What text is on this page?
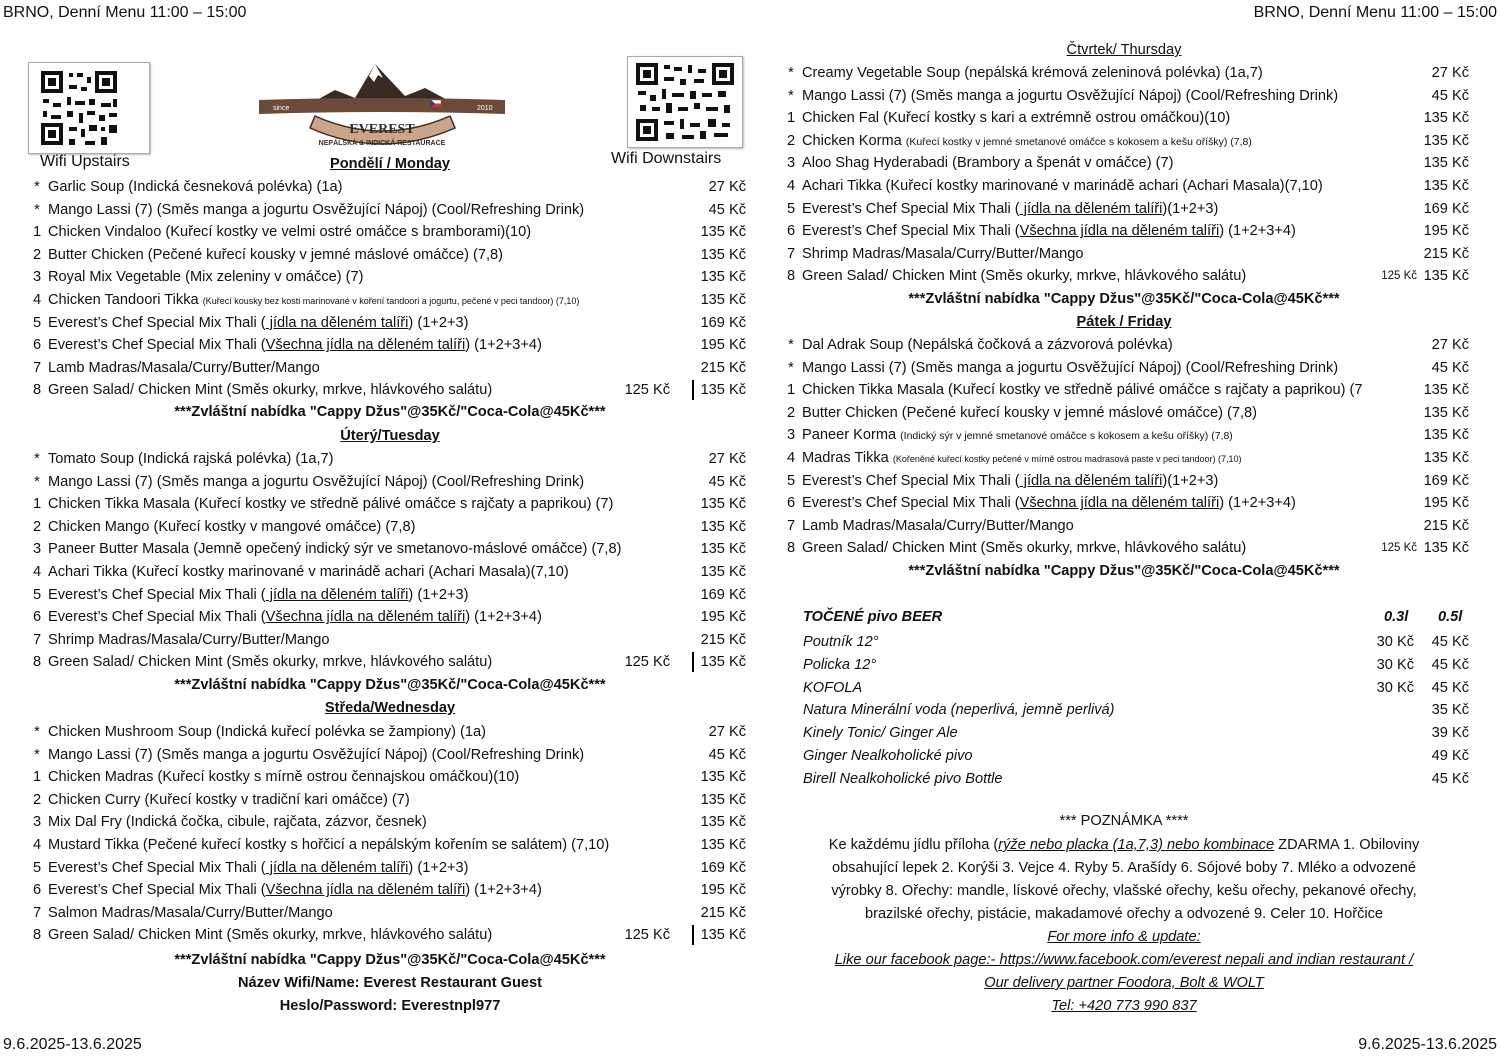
BRNO, Denní Menu 11:00 – 15:00	BRNO, Denní Menu 11:00 – 15:00
9.6.2025-13.6.2025	9.6.2025-13.6.2025
Wifi Upstairs	Wifi Downstairs
since	2010
EVEREST
NEPÁLSKÁ & INDICKÁ RESTAURACE
Pondělí / Monday
* Garlic Soup (Indická česneková polévka) (1a)	27 Kč
* Mango Lassi (7) (Směs manga a jogurtu Osvěžující Nápoj) (Cool/Refreshing Drink)	45 Kč
1 Chicken Vindaloo (Kuřecí kostky ve velmi ostré omáčce s bramborami)(10)	135 Kč
2 Butter Chicken (Pečené kuřecí kousky v jemné máslové omáčce) (7,8)	135 Kč
3 Royal Mix Vegetable (Mix zeleniny v omáčce) (7)	135 Kč
4 Chicken Tandoori Tikka (Kuřecí kousky bez kosti marinované v koření tandoori a jogurtu, pečené v peci tandoor) (7,10)	135 Kč
5 Everest’s Chef Special Mix Thali ( jídla na děleném talíři) (1+2+3)	169 Kč
6 Everest’s Chef Special Mix Thali (Všechna jídla na děleném talíři) (1+2+3+4)	195 Kč
7 Lamb Madras/Masala/Curry/Butter/Mango	215 Kč
8 Green Salad/ Chicken Mint (Směs okurky, mrkve, hlávkového salátu)	125 Kč	135 Kč
***Zvláštní nabídka "Cappy Džus"@35Kč/"Coca-Cola@45Kč***
Úterý/Tuesday
* Tomato Soup (Indická rajská polévka) (1a,7)	27 Kč
* Mango Lassi (7) (Směs manga a jogurtu Osvěžující Nápoj) (Cool/Refreshing Drink)	45 Kč
1 Chicken Tikka Masala (Kuřecí kostky ve středně pálivé omáčce s rajčaty a paprikou) (7)	135 Kč
2 Chicken Mango (Kuřecí kostky v mangové omáčce) (7,8)	135 Kč
3 Paneer Butter Masala (Jemně opečený indický sýr ve smetanovo-máslové omáčce) (7,8)	135 Kč
4 Achari Tikka (Kuřecí kostky marinované v marinádě achari (Achari Masala)(7,10)	135 Kč
5 Everest’s Chef Special Mix Thali ( jídla na děleném talíři) (1+2+3)	169 Kč
6 Everest’s Chef Special Mix Thali (Všechna jídla na děleném talíři) (1+2+3+4)	195 Kč
7 Shrimp Madras/Masala/Curry/Butter/Mango	215 Kč
8 Green Salad/ Chicken Mint (Směs okurky, mrkve, hlávkového salátu)	125 Kč	135 Kč
***Zvláštní nabídka "Cappy Džus"@35Kč/"Coca-Cola@45Kč***
Středa/Wednesday
* Chicken Mushroom Soup (Indická kuřecí polévka se žampiony) (1a)	27 Kč
* Mango Lassi (7) (Směs manga a jogurtu Osvěžující Nápoj) (Cool/Refreshing Drink)	45 Kč
1 Chicken Madras (Kuřecí kostky s mírně ostrou čennajskou omáčkou)(10)	135 Kč
2 Chicken Curry (Kuřecí kostky v tradiční kari omáčce) (7)	135 Kč
3 Mix Dal Fry (Indická čočka, cibule, rajčata, zázvor, česnek)	135 Kč
4 Mustard Tikka (Pečené kuřecí kostky s hořčicí a nepálským kořením se salátem) (7,10)	135 Kč
5 Everest’s Chef Special Mix Thali ( jídla na děleném talíři) (1+2+3)	169 Kč
6 Everest’s Chef Special Mix Thali (Všechna jídla na děleném talíři) (1+2+3+4)	195 Kč
7 Salmon Madras/Masala/Curry/Butter/Mango	215 Kč
8 Green Salad/ Chicken Mint (Směs okurky, mrkve, hlávkového salátu)	125 Kč	135 Kč
***Zvláštní nabídka "Cappy Džus"@35Kč/"Coca-Cola@45Kč***
Název Wifi/Name: Everest Restaurant Guest
Heslo/Password: Everestnpl977
Čtvrtek/ Thursday
* Creamy Vegetable Soup (nepálská krémová zeleninová polévka) (1a,7)	27 Kč
* Mango Lassi (7) (Směs manga a jogurtu Osvěžující Nápoj) (Cool/Refreshing Drink)	45 Kč
1 Chicken Fal (Kuřecí kostky s kari a extrémně ostrou omáčkou)(10)	135 Kč
2 Chicken Korma (Kuřecí kostky v jemné smetanové omáčce s kokosem a kešu oříšky) (7,8)	135 Kč
3 Aloo Shag Hyderabadi (Brambory a špenát v omáčce) (7)	135 Kč
4 Achari Tikka (Kuřecí kostky marinované v marinádě achari (Achari Masala)(7,10)	135 Kč
5 Everest’s Chef Special Mix Thali ( jídla na děleném talíři)(1+2+3)	169 Kč
6 Everest’s Chef Special Mix Thali (Všechna jídla na děleném talíři) (1+2+3+4)	195 Kč
7 Shrimp Madras/Masala/Curry/Butter/Mango	215 Kč
8 Green Salad/ Chicken Mint (Směs okurky, mrkve, hlávkového salátu)	125 Kč 135 Kč
***Zvláštní nabídka "Cappy Džus"@35Kč/"Coca-Cola@45Kč***
Pátek / Friday
* Dal Adrak Soup (Nepálská čočková a zázvorová polévka)	27 Kč
* Mango Lassi (7) (Směs manga a jogurtu Osvěžující Nápoj) (Cool/Refreshing Drink)	45 Kč
1 Chicken Tikka Masala (Kuřecí kostky ve středně pálivé omáčce s rajčaty a paprikou) (7	135 Kč
2 Butter Chicken (Pečené kuřecí kousky v jemné máslové omáčce) (7,8)	135 Kč
3 Paneer Korma (Indický sýr v jemné smetanové omáčce s kokosem a kešu oříšky) (7,8)	135 Kč
4 Madras Tikka (Kořeněné kuřecí kostky pečené v mírně ostrou madrasová paste v peci tandoor) (7,10)	135 Kč
5 Everest’s Chef Special Mix Thali ( jídla na děleném talíři)(1+2+3)	169 Kč
6 Everest’s Chef Special Mix Thali (Všechna jídla na děleném talíři) (1+2+3+4)	195 Kč
7 Lamb Madras/Masala/Curry/Butter/Mango	215 Kč
8 Green Salad/ Chicken Mint (Směs okurky, mrkve, hlávkového salátu)	125 Kč 135 Kč
***Zvláštní nabídka "Cappy Džus"@35Kč/"Coca-Cola@45Kč***
TOČENÉ pivo BEER	0.3l 0.5l
Poutník 12°	30 Kč	45 Kč
Policka 12°	30 Kč	45 Kč
KOFOLA	30 Kč	45 Kč
Natura Minerální voda (neperlivá, jemně perlivá)	35 Kč
Kinely Tonic/ Ginger Ale	39 Kč
Ginger Nealkoholické pivo	49 Kč
Birell Nealkoholické pivo Bottle	45 Kč
*** POZNÁMKA ****
Ke každému jídlu příloha (rýže nebo placka (1a,7,3) nebo kombinace ZDARMA 1. Obiloviny
obsahující lepek 2. Korýši 3. Vejce 4. Ryby 5. Arašídy 6. Sójové boby 7. Mléko a odvozené
výrobky 8. Ořechy: mandle, lískové ořechy, vlašské ořechy, kešu ořechy, pekanové ořechy,
brazilské ořechy, pistácie, makadamové ořechy a odvozené 9. Celer 10. Hořčice
For more info & update:
Like our facebook page:- https://www.facebook.com/everest nepali and indian restaurant /
Our delivery partner Foodora, Bolt & WOLT
Tel: +420 773 990 837
